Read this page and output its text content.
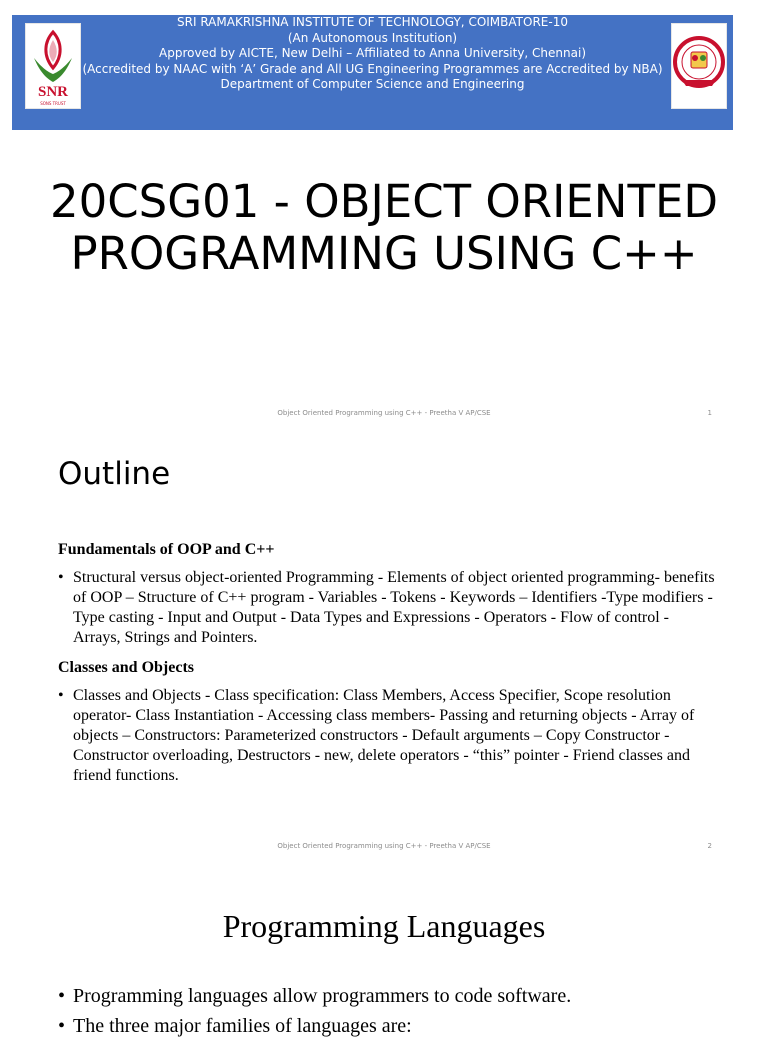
SRI RAMAKRISHNA INSTITUTE OF TECHNOLOGY, COIMBATORE-10
(An Autonomous Institution)
Approved by AICTE, New Delhi – Affiliated to Anna University, Chennai)
(Accredited by NAAC with ‘A’ Grade and All UG Engineering Programmes are Accredited by NBA)
Department of Computer Science and Engineering
SNR
SONS TRUST
20CSG01 - OBJECT ORIENTED PROGRAMMING USING C++
Object Oriented Programming using C++ - Preetha V AP/CSE	1
Outline
Fundamentals of OOP and C++
• Structural versus object-oriented Programming - Elements of object oriented programming- benefits of OOP – Structure of C++ program - Variables - Tokens - Keywords – Identifiers -Type modifiers - Type casting - Input and Output - Data Types and Expressions - Operators - Flow of control - Arrays, Strings and Pointers.
Classes and Objects
• Classes and Objects - Class specification: Class Members, Access Specifier, Scope resolution operator- Class Instantiation - Accessing class members- Passing and returning objects - Array of objects – Constructors: Parameterized constructors - Default arguments – Copy Constructor - Constructor overloading, Destructors - new, delete operators - “this” pointer - Friend classes and friend functions.
Object Oriented Programming using C++ - Preetha V AP/CSE	2
Programming Languages
• Programming languages allow programmers to code software.
• The three major families of languages are:
